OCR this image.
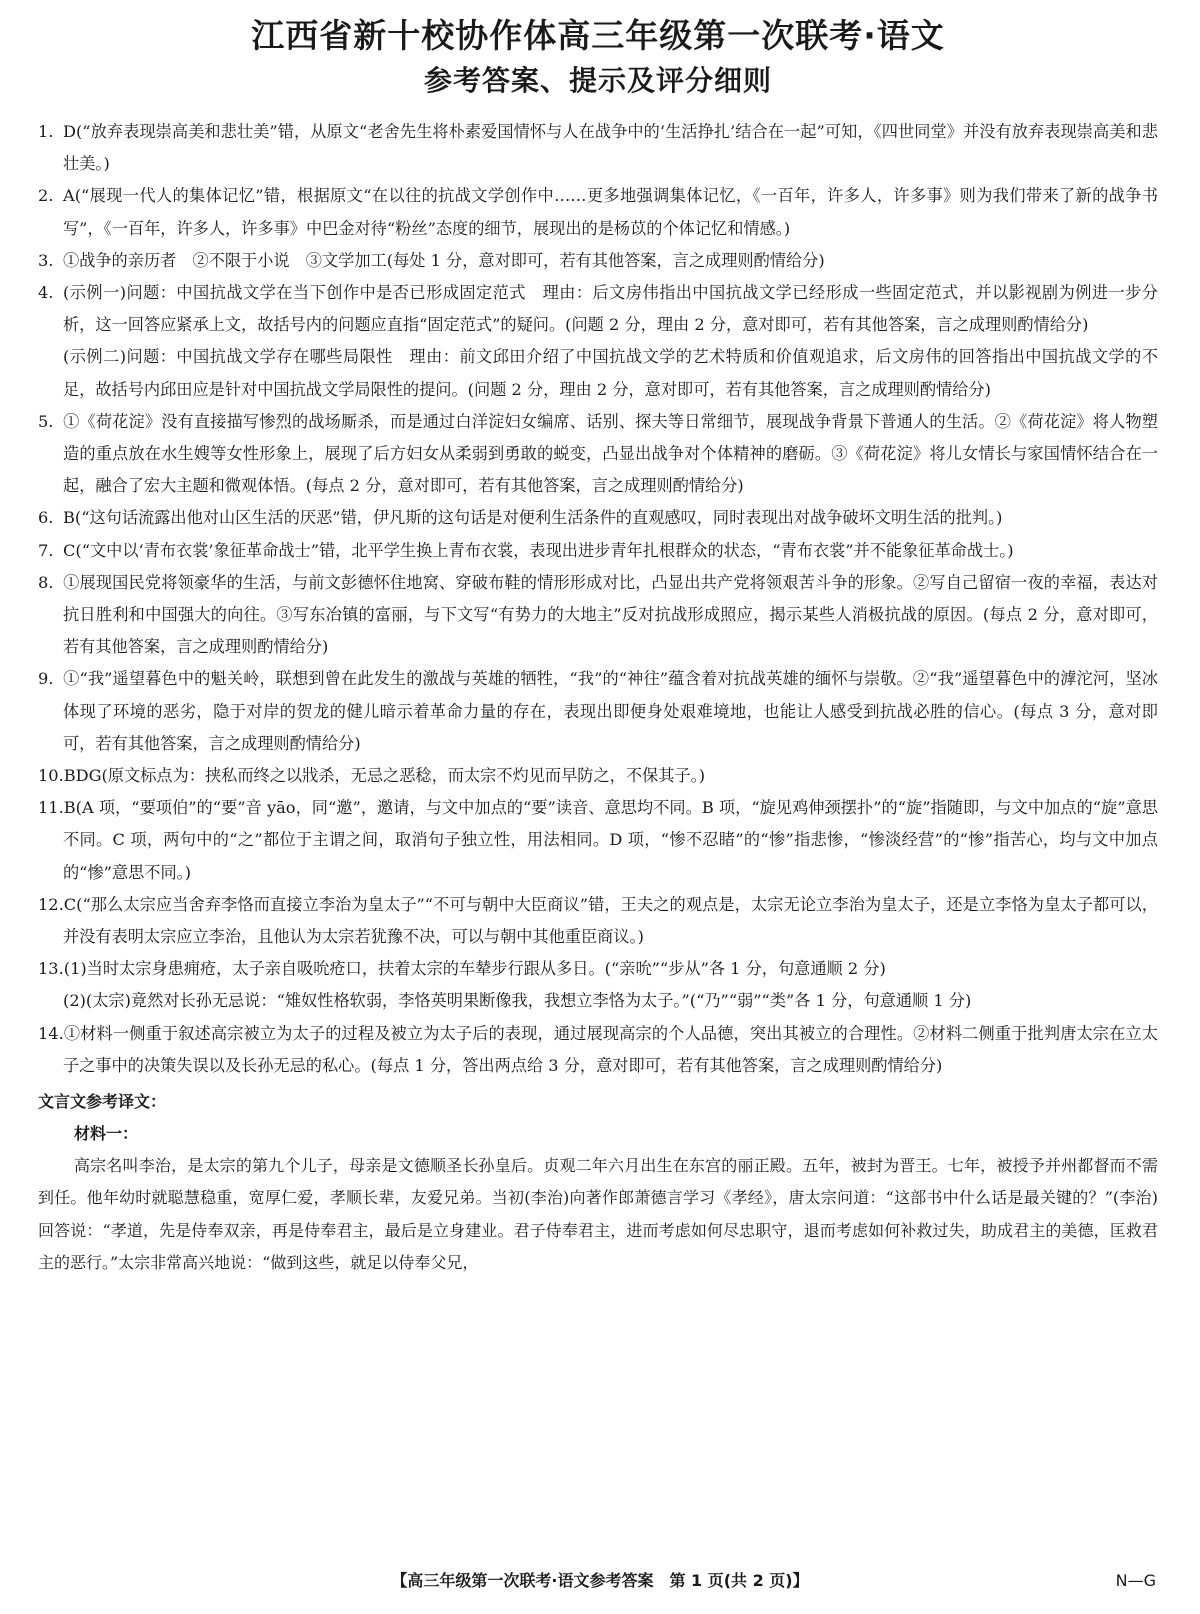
江西省新十校协作体高三年级第一次联考·语文
参考答案、提示及评分细则

1. D(“放弃表现崇高美和悲壮美”错，从原文“老舍先生将朴素爱国情怀与人在战争中的‘生活挣扎’结合在一起”可知，《四世同堂》并没有放弃表现崇高美和悲壮美。)

2. A(“展现一代人的集体记忆”错，根据原文“在以往的抗战文学创作中……更多地强调集体记忆，《一百年，许多人，许多事》则为我们带来了新的战争书写”，《一百年，许多人，许多事》中巴金对待“粉丝”态度的细节，展现出的是杨苡的个体记忆和情感。)

3. ①战争的亲历者　②不限于小说　③文学加工(每处 1 分，意对即可，若有其他答案，言之成理则酌情给分)

4. (示例一)问题：中国抗战文学在当下创作中是否已形成固定范式　理由：后文房伟指出中国抗战文学已经形成一些固定范式，并以影视剧为例进一步分析，这一回答应紧承上文，故括号内的问题应直指“固定范式”的疑问。(问题 2 分，理由 2 分，意对即可，若有其他答案，言之成理则酌情给分)

(示例二)问题：中国抗战文学存在哪些局限性　理由：前文邱田介绍了中国抗战文学的艺术特质和价值观追求，后文房伟的回答指出中国抗战文学的不足，故括号内邱田应是针对中国抗战文学局限性的提问。(问题 2 分，理由 2 分，意对即可，若有其他答案，言之成理则酌情给分)

5. ①《荷花淀》没有直接描写惨烈的战场厮杀，而是通过白洋淀妇女编席、话别、探夫等日常细节，展现战争背景下普通人的生活。②《荷花淀》将人物塑造的重点放在水生嫂等女性形象上，展现了后方妇女从柔弱到勇敢的蜕变，凸显出战争对个体精神的磨砺。③《荷花淀》将儿女情长与家国情怀结合在一起，融合了宏大主题和微观体悟。(每点 2 分，意对即可，若有其他答案，言之成理则酌情给分)

6. B(“这句话流露出他对山区生活的厌恶”错，伊凡斯的这句话是对便利生活条件的直观感叹，同时表现出对战争破坏文明生活的批判。)

7. C(“文中以‘青布衣裳’象征革命战士”错，北平学生换上青布衣裳，表现出进步青年扎根群众的状态，“青布衣裳”并不能象征革命战士。)

8. ①展现国民党将领豪华的生活，与前文彭德怀住地窝、穿破布鞋的情形形成对比，凸显出共产党将领艰苦斗争的形象。②写自己留宿一夜的幸福，表达对抗日胜利和中国强大的向往。③写东冶镇的富丽，与下文写“有势力的大地主”反对抗战形成照应，揭示某些人消极抗战的原因。(每点 2 分，意对即可，若有其他答案，言之成理则酌情给分)

9. ①“我”遥望暮色中的魁关岭，联想到曾在此发生的激战与英雄的牺牲，“我”的“神往”蕴含着对抗战英雄的缅怀与崇敬。②“我”遥望暮色中的滹沱河，坚冰体现了环境的恶劣，隐于对岸的贺龙的健儿暗示着革命力量的存在，表现出即便身处艰难境地，也能让人感受到抗战必胜的信心。(每点 3 分，意对即可，若有其他答案，言之成理则酌情给分)

10.BDG(原文标点为：挟私而终之以戕杀，无忌之恶稔，而太宗不灼见而早防之，不保其子。)

11.B(A 项，“要项伯”的“要”音 yāo，同“邀”，邀请，与文中加点的“要”读音、意思均不同。B 项，“旋见鸡伸颈摆扑”的“旋”指随即，与文中加点的“旋”意思不同。C 项，两句中的“之”都位于主谓之间，取消句子独立性，用法相同。D 项，“惨不忍睹”的“惨”指悲惨，“惨淡经营”的“惨”指苦心，均与文中加点的“惨”意思不同。)

12.C(“那么太宗应当舍弃李恪而直接立李治为皇太子”“不可与朝中大臣商议”错，王夫之的观点是，太宗无论立李治为皇太子，还是立李恪为皇太子都可以，并没有表明太宗应立李治，且他认为太宗若犹豫不决，可以与朝中其他重臣商议。)

13.(1)当时太宗身患痈疮，太子亲自吸吮疮口，扶着太宗的车辇步行跟从多日。(“亲吮”“步从”各 1 分，句意通顺 2 分)

(2)(太宗)竟然对长孙无忌说：“雉奴性格软弱，李恪英明果断像我，我想立李恪为太子。”(“乃”“弱”“类”各 1 分，句意通顺 1 分)

14.①材料一侧重于叙述高宗被立为太子的过程及被立为太子后的表现，通过展现高宗的个人品德，突出其被立的合理性。②材料二侧重于批判唐太宗在立太子之事中的决策失误以及长孙无忌的私心。(每点 1 分，答出两点给 3 分，意对即可，若有其他答案，言之成理则酌情给分)

文言文参考译文：

材料一：

高宗名叫李治，是太宗的第九个儿子，母亲是文德顺圣长孙皇后。贞观二年六月出生在东宫的丽正殿。五年，被封为晋王。七年，被授予并州都督而不需到任。他年幼时就聪慧稳重，宽厚仁爱，孝顺长辈，友爱兄弟。当初(李治)向著作郎萧德言学习《孝经》，唐太宗问道：“这部书中什么话是最关键的？”(李治)回答说：“孝道，先是侍奉双亲，再是侍奉君主，最后是立身建业。君子侍奉君主，进而考虑如何尽忠职守，退而考虑如何补救过失，助成君主的美德，匡救君主的恶行。”太宗非常高兴地说：“做到这些，就足以侍奉父兄，

【高三年级第一次联考·语文参考答案　第 1 页(共 2 页)】	N—G
